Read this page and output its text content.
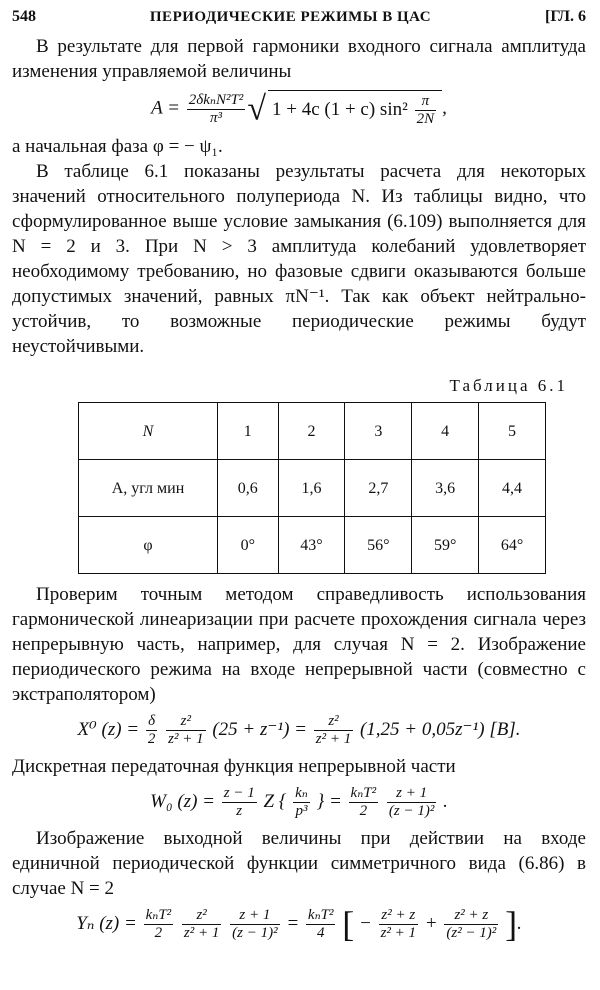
548	ПЕРИОДИЧЕСКИЕ РЕЖИМЫ В ЦАС	[ГЛ. 6

В результате для первой гармоники входного сигнала амплитуда изменения управляемой величины

$A = \frac{\text{2δkₙN²T²}}{\text{π³}}$ √ 1 + 4c (1 + c) $\sin^2 \frac{\pi}{2N}$ ,

а начальная фаза φ = − ψ₁.

В таблице 6.1 показаны результаты расчета для некоторых значений относительного полупериода N. Из таблицы видно, что сформулированное выше условие замыкания (6.109) выполняется для N = 2 и 3. При N > 3 амплитуда колебаний удовлетворяет необходимому требованию, но фазовые сдвиги оказываются больше допустимых значений, равных πN⁻¹. Так как объект нейтрально-устойчив, то возможные периодические режимы будут неустойчивыми.

Таблица 6.1
N	1	2	3	4	5
A, угл мин	0,6	1,6	2,7	3,6	4,4
φ	0°	43°	56°	59°	64°

Проверим точным методом справедливость использования гармонической линеаризации при расчете прохождения сигнала через непрерывную часть, например, для случая N = 2. Изображение периодического режима на входе непрерывной части (совместно с экстраполятором)

X⁰ $(z) = \frac{\delta}{2}$
$\frac{\text{z²}}{\text{z² + 1}} (25 + z^{-1}) = \frac{\text{z²}}{\text{z² + 1}} (1,25 + 0,05z^{-1})$ [В].

Дискретная передаточная функция непрерывной части

W₀ $(z) = \frac{z - 1}{z}$ Z { $\frac{\text{kₙ}}{\text{p³}}$ } = $\frac{\text{kₙT²}}{2}$
$\frac{z + 1}{\text{(z − 1)²}}$ .

Изображение выходной величины при действии на входе единичной периодической функции симметричного вида (6.86) в случае N = 2

Yₙ $(z) = \frac{\text{kₙT²}}{2}$
$\frac{\text{z²}}{\text{z² + 1}}$
$\frac{z + 1}{\text{(z − 1)²}} = \frac{\text{kₙT²}}{4}$ [ − $\frac{\text{z² + z}}{\text{z² + 1}} + \frac{\text{z² + z}}{\text{(z² − 1)²}}$ ].
